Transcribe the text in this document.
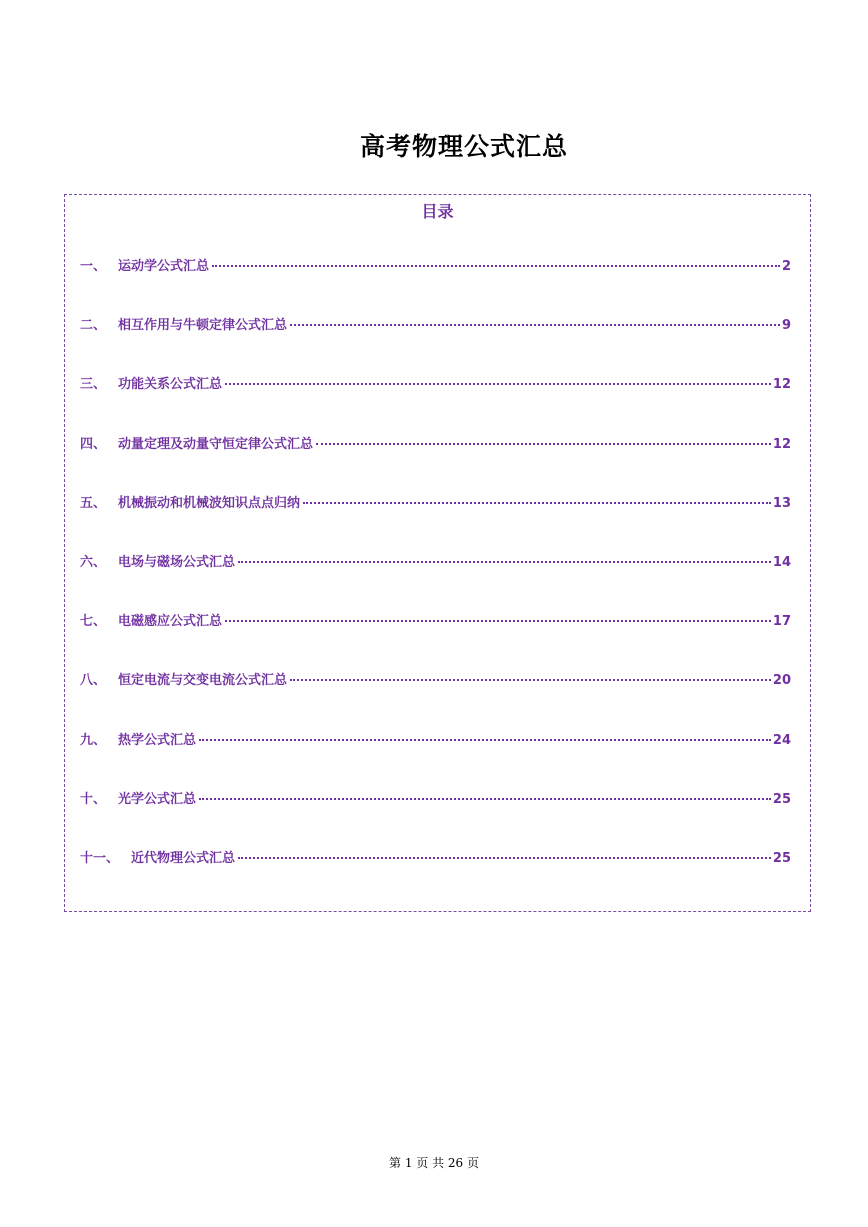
高考物理公式汇总
目录
一、 运动学公式汇总	2
二、 相互作用与牛顿定律公式汇总	9
三、 功能关系公式汇总	12
四、 动量定理及动量守恒定律公式汇总	12
五、 机械振动和机械波知识点点归纳	13
六、 电场与磁场公式汇总	14
七、 电磁感应公式汇总	17
八、 恒定电流与交变电流公式汇总	20
九、 热学公式汇总	24
十、 光学公式汇总	25
十一、 近代物理公式汇总	25
第 1 页 共 26 页
